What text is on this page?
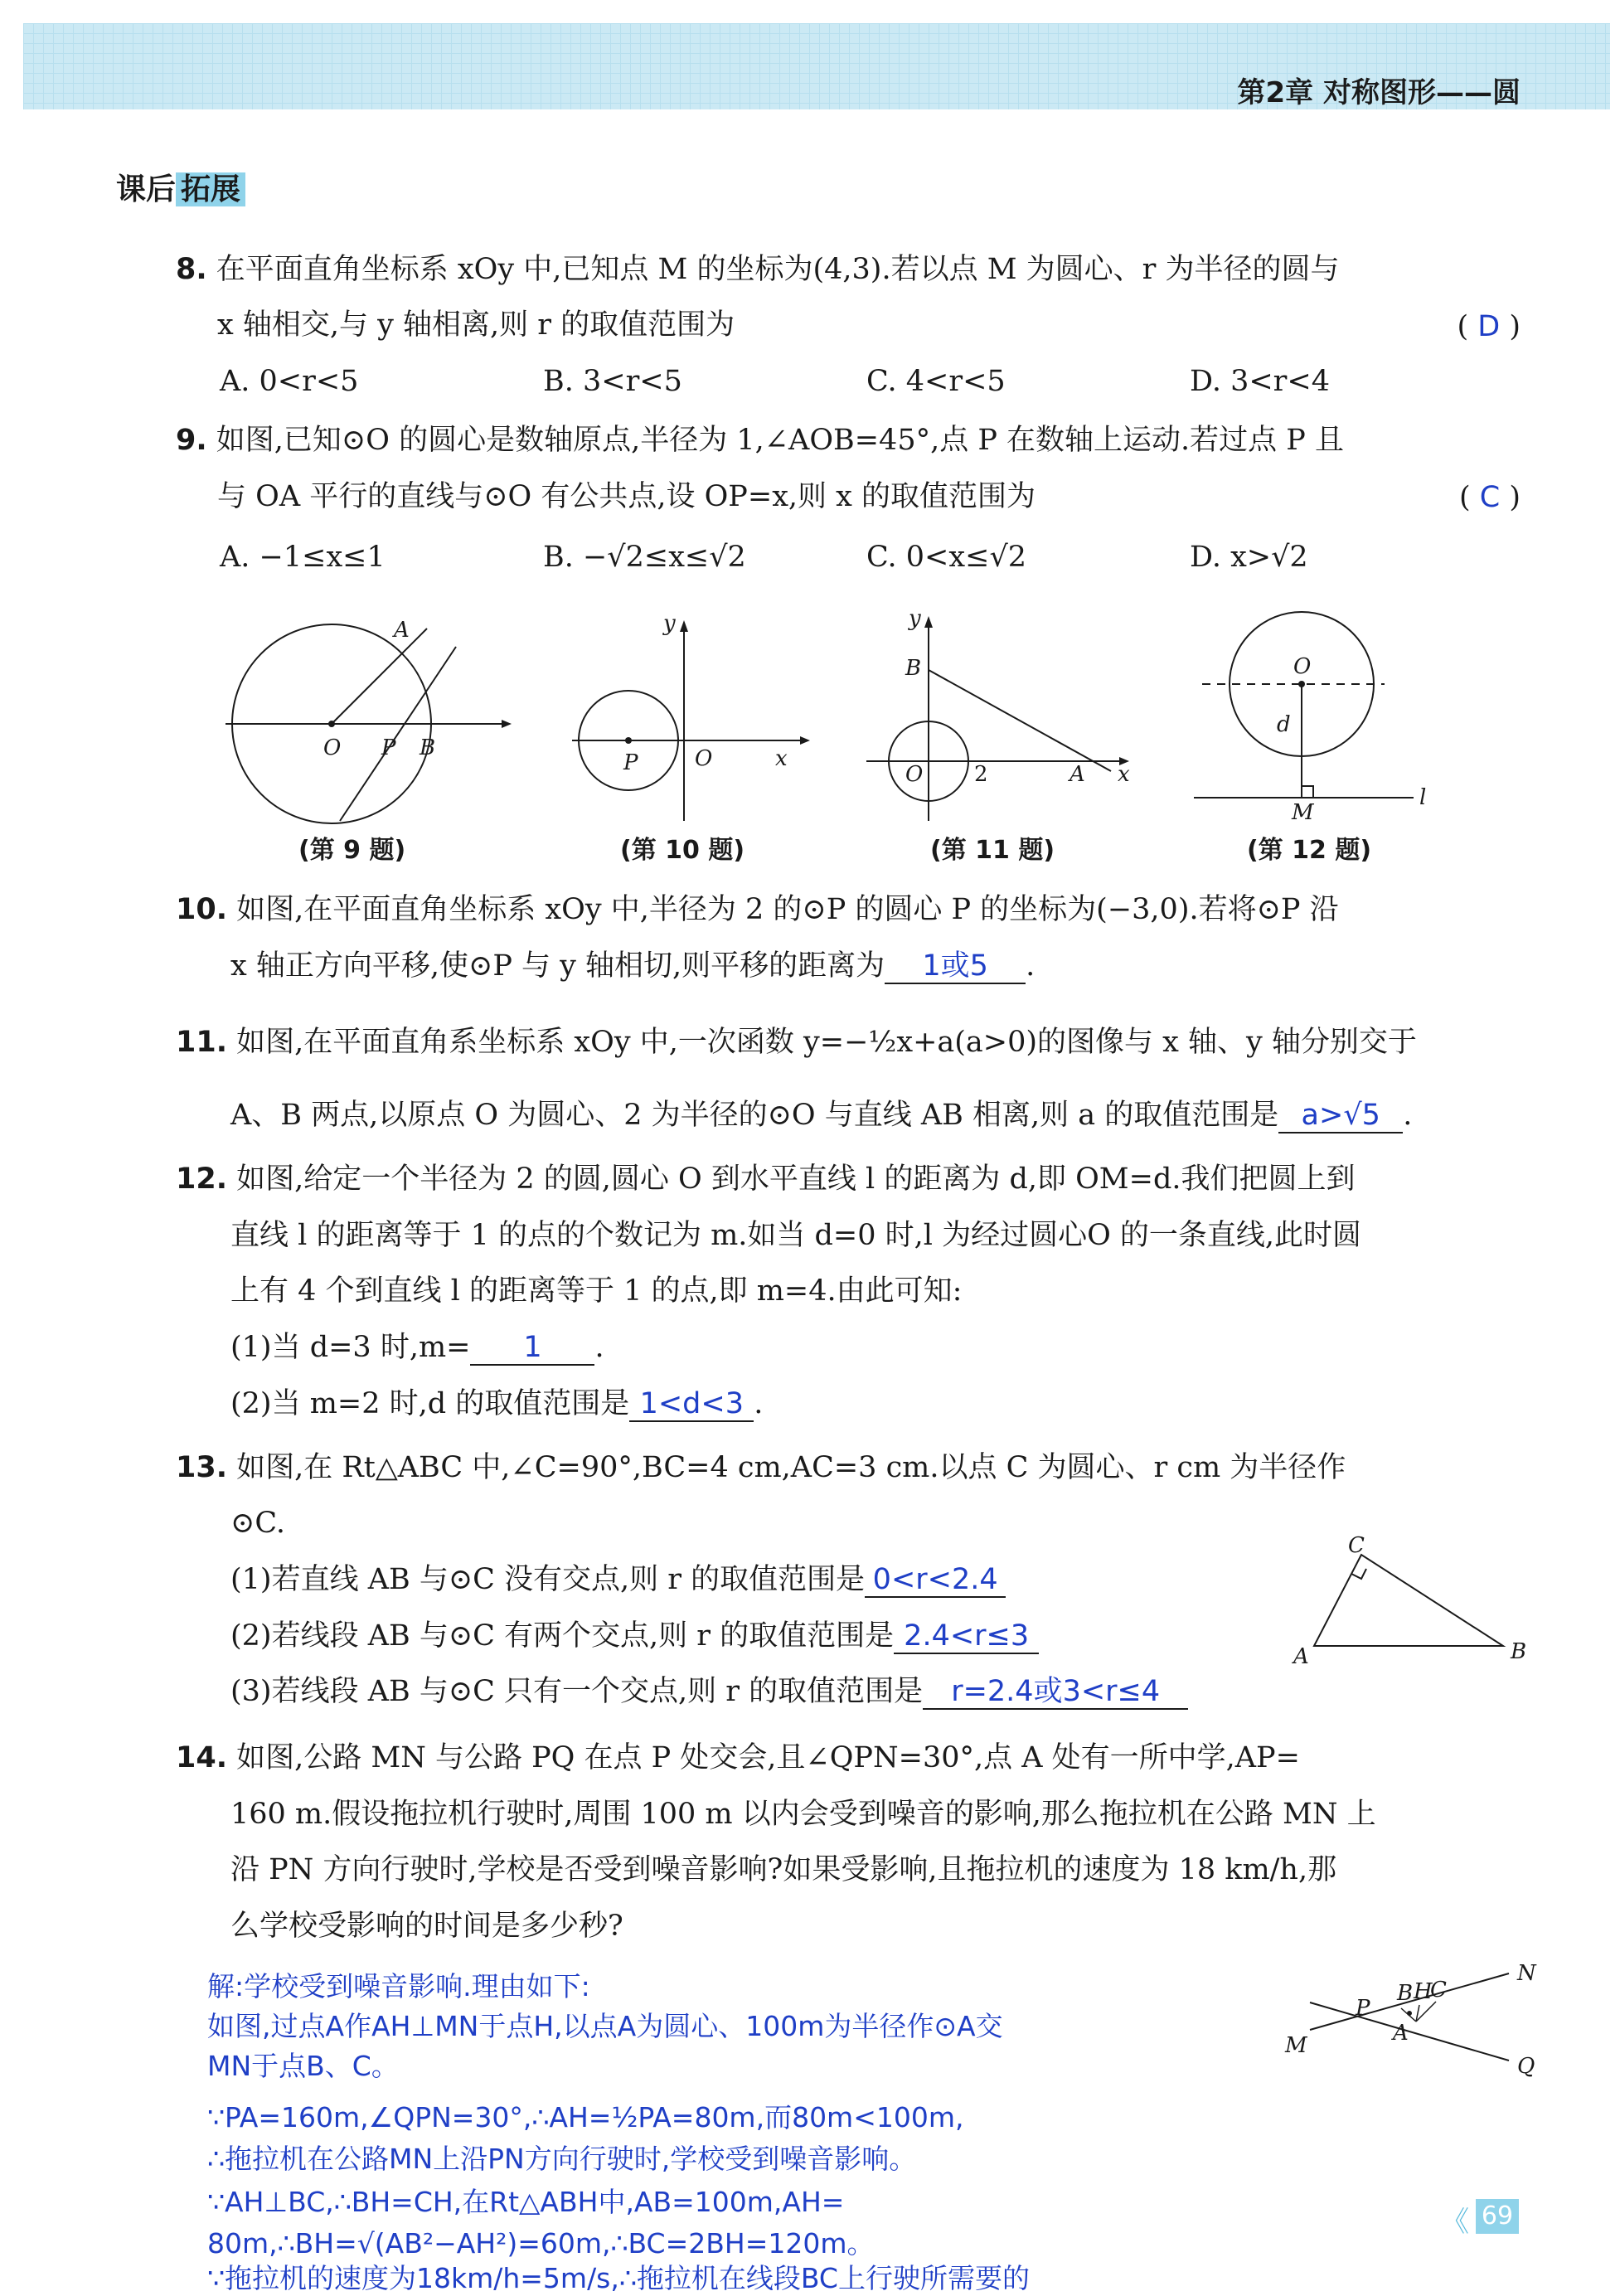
第2章 对称图形——圆
课后 拓展
8. 在平面直角坐标系 xOy 中,已知点 M 的坐标为(4,3).若以点 M 为圆心、r 为半径的圆与
x 轴相交,与 y 轴相离,则 r 的取值范围为	( D )
A. 0<r<5	B. 3<r<5	C. 4<r<5	D. 3<r<4
9. 如图,已知⊙O 的圆心是数轴原点,半径为 1,∠AOB=45°,点 P 在数轴上运动.若过点 P 且
与 OA 平行的直线与⊙O 有公共点,设 OP=x,则 x 的取值范围为	( C )
A. −1≤x≤1	B. −√2≤x≤√2	C. 0<x≤√2	D. x>√2
A
O P B
y
P	O	x
y
B
O 2	A x
O
d
M
l
(第 9 题)	(第 10 题)	(第 11 题)	(第 12 题)
10. 如图,在平面直角坐标系 xOy 中,半径为 2 的⊙P 的圆心 P 的坐标为(−3,0).若将⊙P 沿
x 轴正方向平移,使⊙P 与 y 轴相切,则平移的距离为 1或5 .
11. 如图,在平面直角系坐标系 xOy 中,一次函数 y=−½x+a(a>0)的图像与 x 轴、y 轴分别交于
A、B 两点,以原点 O 为圆心、2 为半径的⊙O 与直线 AB 相离,则 a 的取值范围是 a>√5 .
12. 如图,给定一个半径为 2 的圆,圆心 O 到水平直线 l 的距离为 d,即 OM=d.我们把圆上到
直线 l 的距离等于 1 的点的个数记为 m.如当 d=0 时,l 为经过圆心O 的一条直线,此时圆
上有 4 个到直线 l 的距离等于 1 的点,即 m=4.由此可知:
(1)当 d=3 时,m= 1 .
(2)当 m=2 时,d 的取值范围是 1<d<3 .
13. 如图,在 Rt△ABC 中,∠C=90°,BC=4 cm,AC=3 cm.以点 C 为圆心、r cm 为半径作
⊙C.
(1)若直线 AB 与⊙C 没有交点,则 r 的取值范围是 0<r<2.4
(2)若线段 AB 与⊙C 有两个交点,则 r 的取值范围是 2.4<r≤3
(3)若线段 AB 与⊙C 只有一个交点,则 r 的取值范围是 r=2.4或3<r≤4
C
A	B
14. 如图,公路 MN 与公路 PQ 在点 P 处交会,且∠QPN=30°,点 A 处有一所中学,AP=
160 m.假设拖拉机行驶时,周围 100 m 以内会受到噪音的影响,那么拖拉机在公路 MN 上
沿 PN 方向行驶时,学校是否受到噪音影响?如果受影响,且拖拉机的速度为 18 km/h,那
么学校受影响的时间是多少秒?
M
N
P
Q
A
B H
C
解:学校受到噪音影响.理由如下:
如图,过点A作AH⊥MN于点H,以点A为圆心、100m为半径作⊙A交
MN于点B、C。
∵PA=160m,∠QPN=30°,∴AH=½PA=80m,而80m<100m,
∴拖拉机在公路MN上沿PN方向行驶时,学校受到噪音影响。
∵AH⊥BC,∴BH=CH,在Rt△ABH中,AB=100m,AH=
80m,∴BH=√(AB²−AH²)=60m,∴BC=2BH=120m。
∵拖拉机的速度为18km/h=5m/s,∴拖拉机在线段BC上行驶所需要的
《 69
